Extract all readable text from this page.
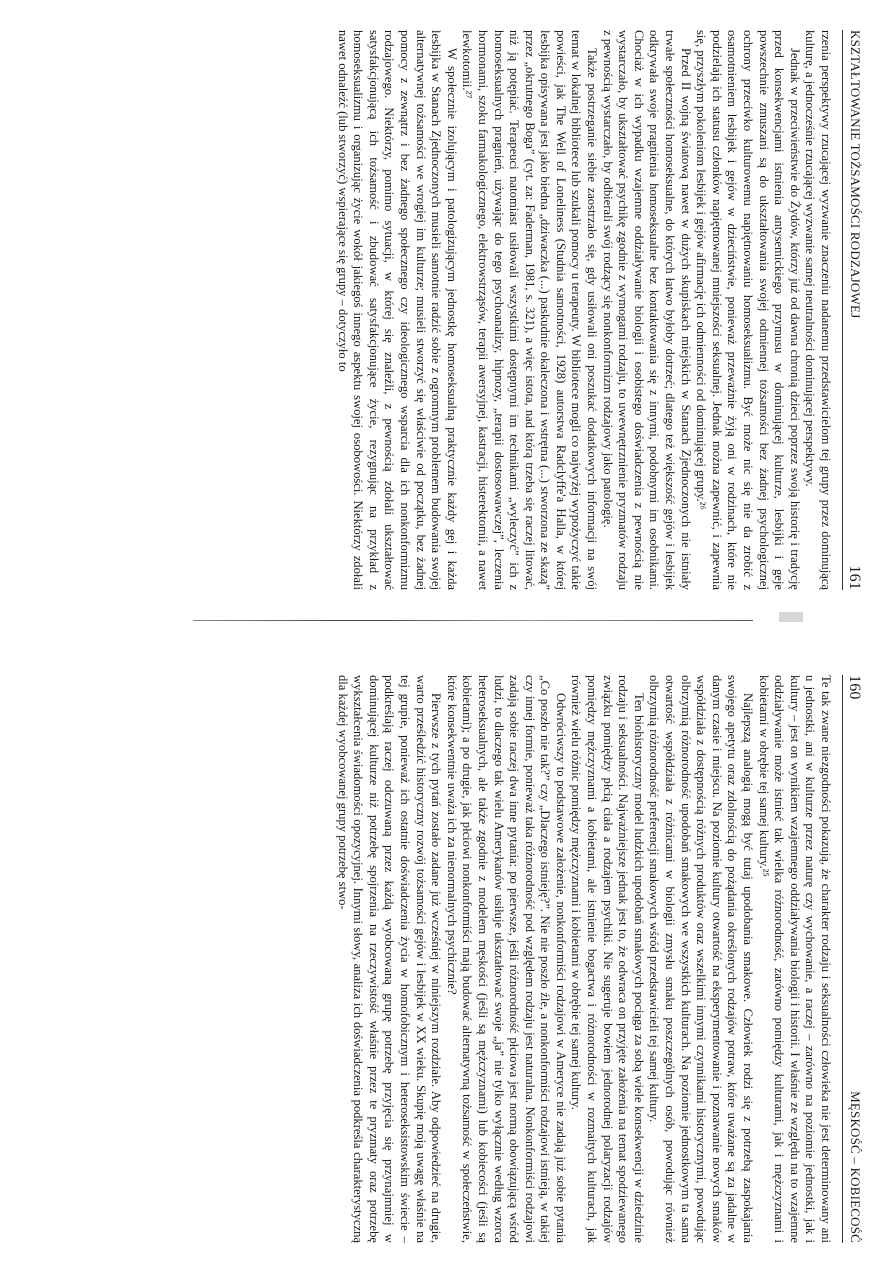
KSZTAŁTOWANIE TOŻSAMOŚCI RODZAJOWEJ
161

rzenia perspektywy rzucającej wyzwanie znaczeniu nadanemu przedstawicielom tej grupy przez dominującą kulturę, a jednocześnie rzucającej wyzwanie samej neutralności dominującej perspektywy.

Jednak w przeciwieństwie do Żydów, którzy już od dawna chronią dzieci poprzez swoją historię i tradycję przed konsekwencjami istnienia antysemickiego przymusu w dominującej kulturze, lesbijki i geje powszechnie zmuszani są do ukształtowania swojej odmiennej tożsamości bez żadnej psychologicznej ochrony przeciwko kulturowemu napiętnowaniu homoseksualizmu. Być może nic się nie da zrobić z osamotnieniem lesbijek i gejów w dzieciństwie, ponieważ przeważnie żyją oni w rodzinach, które nie podzielają ich statusu członków napiętnowanej mniejszości seksualnej. Jednak można zapewnić, i zapewnia się, przyszłym pokoleniom lesbijek i gejów afirmację ich odmienności od dominującej grupy.²⁶

Przed II wojną światową nawet w dużych skupiskach miejskich w Stanach Zjednoczonych nie istniały trwałe społeczności homoseksualne, do których łatwo byłoby dotrzeć; dlatego też większość gejów i lesbijek odkrywała swoje pragnienia homoseksualne bez kontaktowania się z innymi, podobnymi im osobnikami. Chociaż w ich wypadku wzajemne oddziaływanie biologii i osobistego doświadczenia z pewnością nie wystarczało, by ukształtować psychikę zgodnie z wymogami rodzaju, to uwewnętrznienie pryzmatów rodzaju z pewnością wystarczało, by odbierali swój rodzący się nonkonformizm rodzajowy jako patologię.

Także postrzeganie siebie zaostrzało się, gdy usiłowali oni poszukać dodatkowych informacji na swój temat w lokalnej bibliotece lub szukali pomocy u terapeuty. W bibliotece mogli co najwyżej wypożyczyć takie powieści, jak The Well of Loneliness (Studnia samotności, 1928) autorstwa Radclyffe'a Halla, w której lesbijka opisywana jest jako biedna „dziwaczka (...) paskudnie okaleczona i wstrętna (...) stworzona ze skazą” przez „okrutnego Boga” (cyt. za: Faderman, 1981, s. 321), a więc istota, nad którą trzeba się raczej litować, niż ją potępiać. Terapeuci natomiast usiłowali wszystkimi dostępnymi im technikami „wyleczyć” ich z homoseksualnych pragnień, używając do tego psychoanalizy, hipnozy, „terapii dostosowawczej”, leczenia hormonami, szoku farmakologicznego, elektrowstrząsów, terapii awersyjnej, kastracji, histerektomii, a nawet lewkotomii.²⁷

W społecznie izolującym i patologizującym jednostkę homoseksualną praktycznie każdy gej i każda lesbijka w Stanach Zjednoczonych musieli samotnie radzić sobie z ogromnym problemem budowania swojej alternatywnej tożsamości we wrogiej im kulturze; musieli stworzyć się właściwie od początku, bez żadnej pomocy z zewnątrz i bez żadnego społecznego czy ideologicznego wsparcia dla ich nonkonformizmu rodzajowego. Niektórzy, pomimo sytuacji, w której się znaleźli, z pewnością zdołali ukształtować satysfakcjonującą ich tożsamość i zbudować satysfakcjonujące życie, rezygnując na przykład z homoseksualizmu i organizując życie wokół jakiegoś innego aspektu swojej osobowości. Niektórzy zdołali nawet odnaleźć (lub stworzyć) wspierające się grupy – dotyczyło to

160
MĘSKOŚĆ – KOBIECOŚĆ

Te tak zwane niezgodności pokazują, że charakter rodzaju i seksualności człowieka nie jest determinowany ani u jednostki, ani w kulturze przez naturę czy wychowanie, a raczej – zarówno na poziomie jednostki, jak i kultury – jest on wynikiem wzajemnego oddziaływania biologii i historii. I właśnie ze względu na to wzajemne oddziaływanie może istnieć tak wielka różnorodność, zarówno pomiędzy kulturami, jak i mężczyznami i kobietami w obrębie tej samej kultury.²⁵

Najlepszą analogią mogą być tutaj upodobania smakowe. Człowiek rodzi się z potrzebą zaspokajania swojego apetytu oraz zdolnością do pożądania określonych rodzajów potraw, które uważane są za jadalne w danym czasie i miejscu. Na poziomie kultury otwartość na eksperymentowanie i poznawanie nowych smaków współdziała z dostępnością różnych produktów oraz wszelkimi innymi czynnikami historycznymi, powodując olbrzymią różnorodność upodobań smakowych we wszystkich kulturach. Na poziomie jednostkowym ta sama otwartość współdziała z różnicami w biologii zmysłu smaku poszczególnych osób, powodując również olbrzymią różnorodność preferencji smakowych wśród przedstawicieli tej samej kultury.

Ten biohistoryczny model ludzkich upodobań smakowych pociąga za sobą wiele konsekwencji w dziedzinie rodzaju i seksualności. Najważniejsze jednak jest to, że odwraca on przyjęte założenia na temat spodziewanego związku pomiędzy płcią ciała a rodzajem psychiki. Nie sugeruje bowiem jednorodnej polaryzacji rodzajów pomiędzy mężczyznami a kobietami, ale istnienie bogactwa i różnorodności w rozmaitych kulturach, jak również wielu różnic pomiędzy mężczyznami i kobietami w obrębie tej samej kultury.

Odwróciwszy to podstawowe założenie, nonkonformiści rodzajowi w Ameryce nie zadają już sobie pytania „Co poszło nie tak?” czy „Dlaczego istnieję?”. Nie nie poszło źle, a nonkonformiści rodzajowi istnieją, w takiej czy innej formie, ponieważ taka różnorodność pod względem rodzaju jest naturalna. Nonkonformiści rodzajowi zadają sobie raczej dwa inne pytania: po pierwsze, jeśli różnorodność płciowa jest normą obowiązującą wśród ludzi, to dlaczego tak wielu Amerykanów usiłuje ukształtować swoje „ja” nie tylko wyłącznie według wzorca heteroseksualnych, ale także zgodnie z modelem męskości (jeśli są mężczyznami) lub kobiecości (jeśli są kobietami); a po drugie, jak płciowi nonkonformiści mają budować alternatywną tożsamość w społeczeństwie, które konsekwentnie uważa ich za nienormalnych psychicznie?

Pierwsze z tych pytań zostało zadane już wcześniej w niniejszym rozdziale. Aby odpowiedzieć na drugie, warto prześledzić historyczny rozwój tożsamości gejów i lesbijek w XX wieku. Skupię moją uwagę właśnie na tej grupie, ponieważ ich ostatnie doświadczenia życia w homofobicznym i heteroseksistowskim świecie – podkreślają raczej odczuwaną przez każdą wyobcowaną grupę potrzebę przyjęcia się przynajmniej w dominującej kulturze niż potrzebę spojrzenia na rzeczywistość właśnie przez te pryzmaty oraz potrzebę wykształcenia świadomości opozycyjnej. Innymi słowy, analiza ich doświadczenia podkreśla charakterystyczną dla każdej wyobcowanej grupy potrzebę stwo-
